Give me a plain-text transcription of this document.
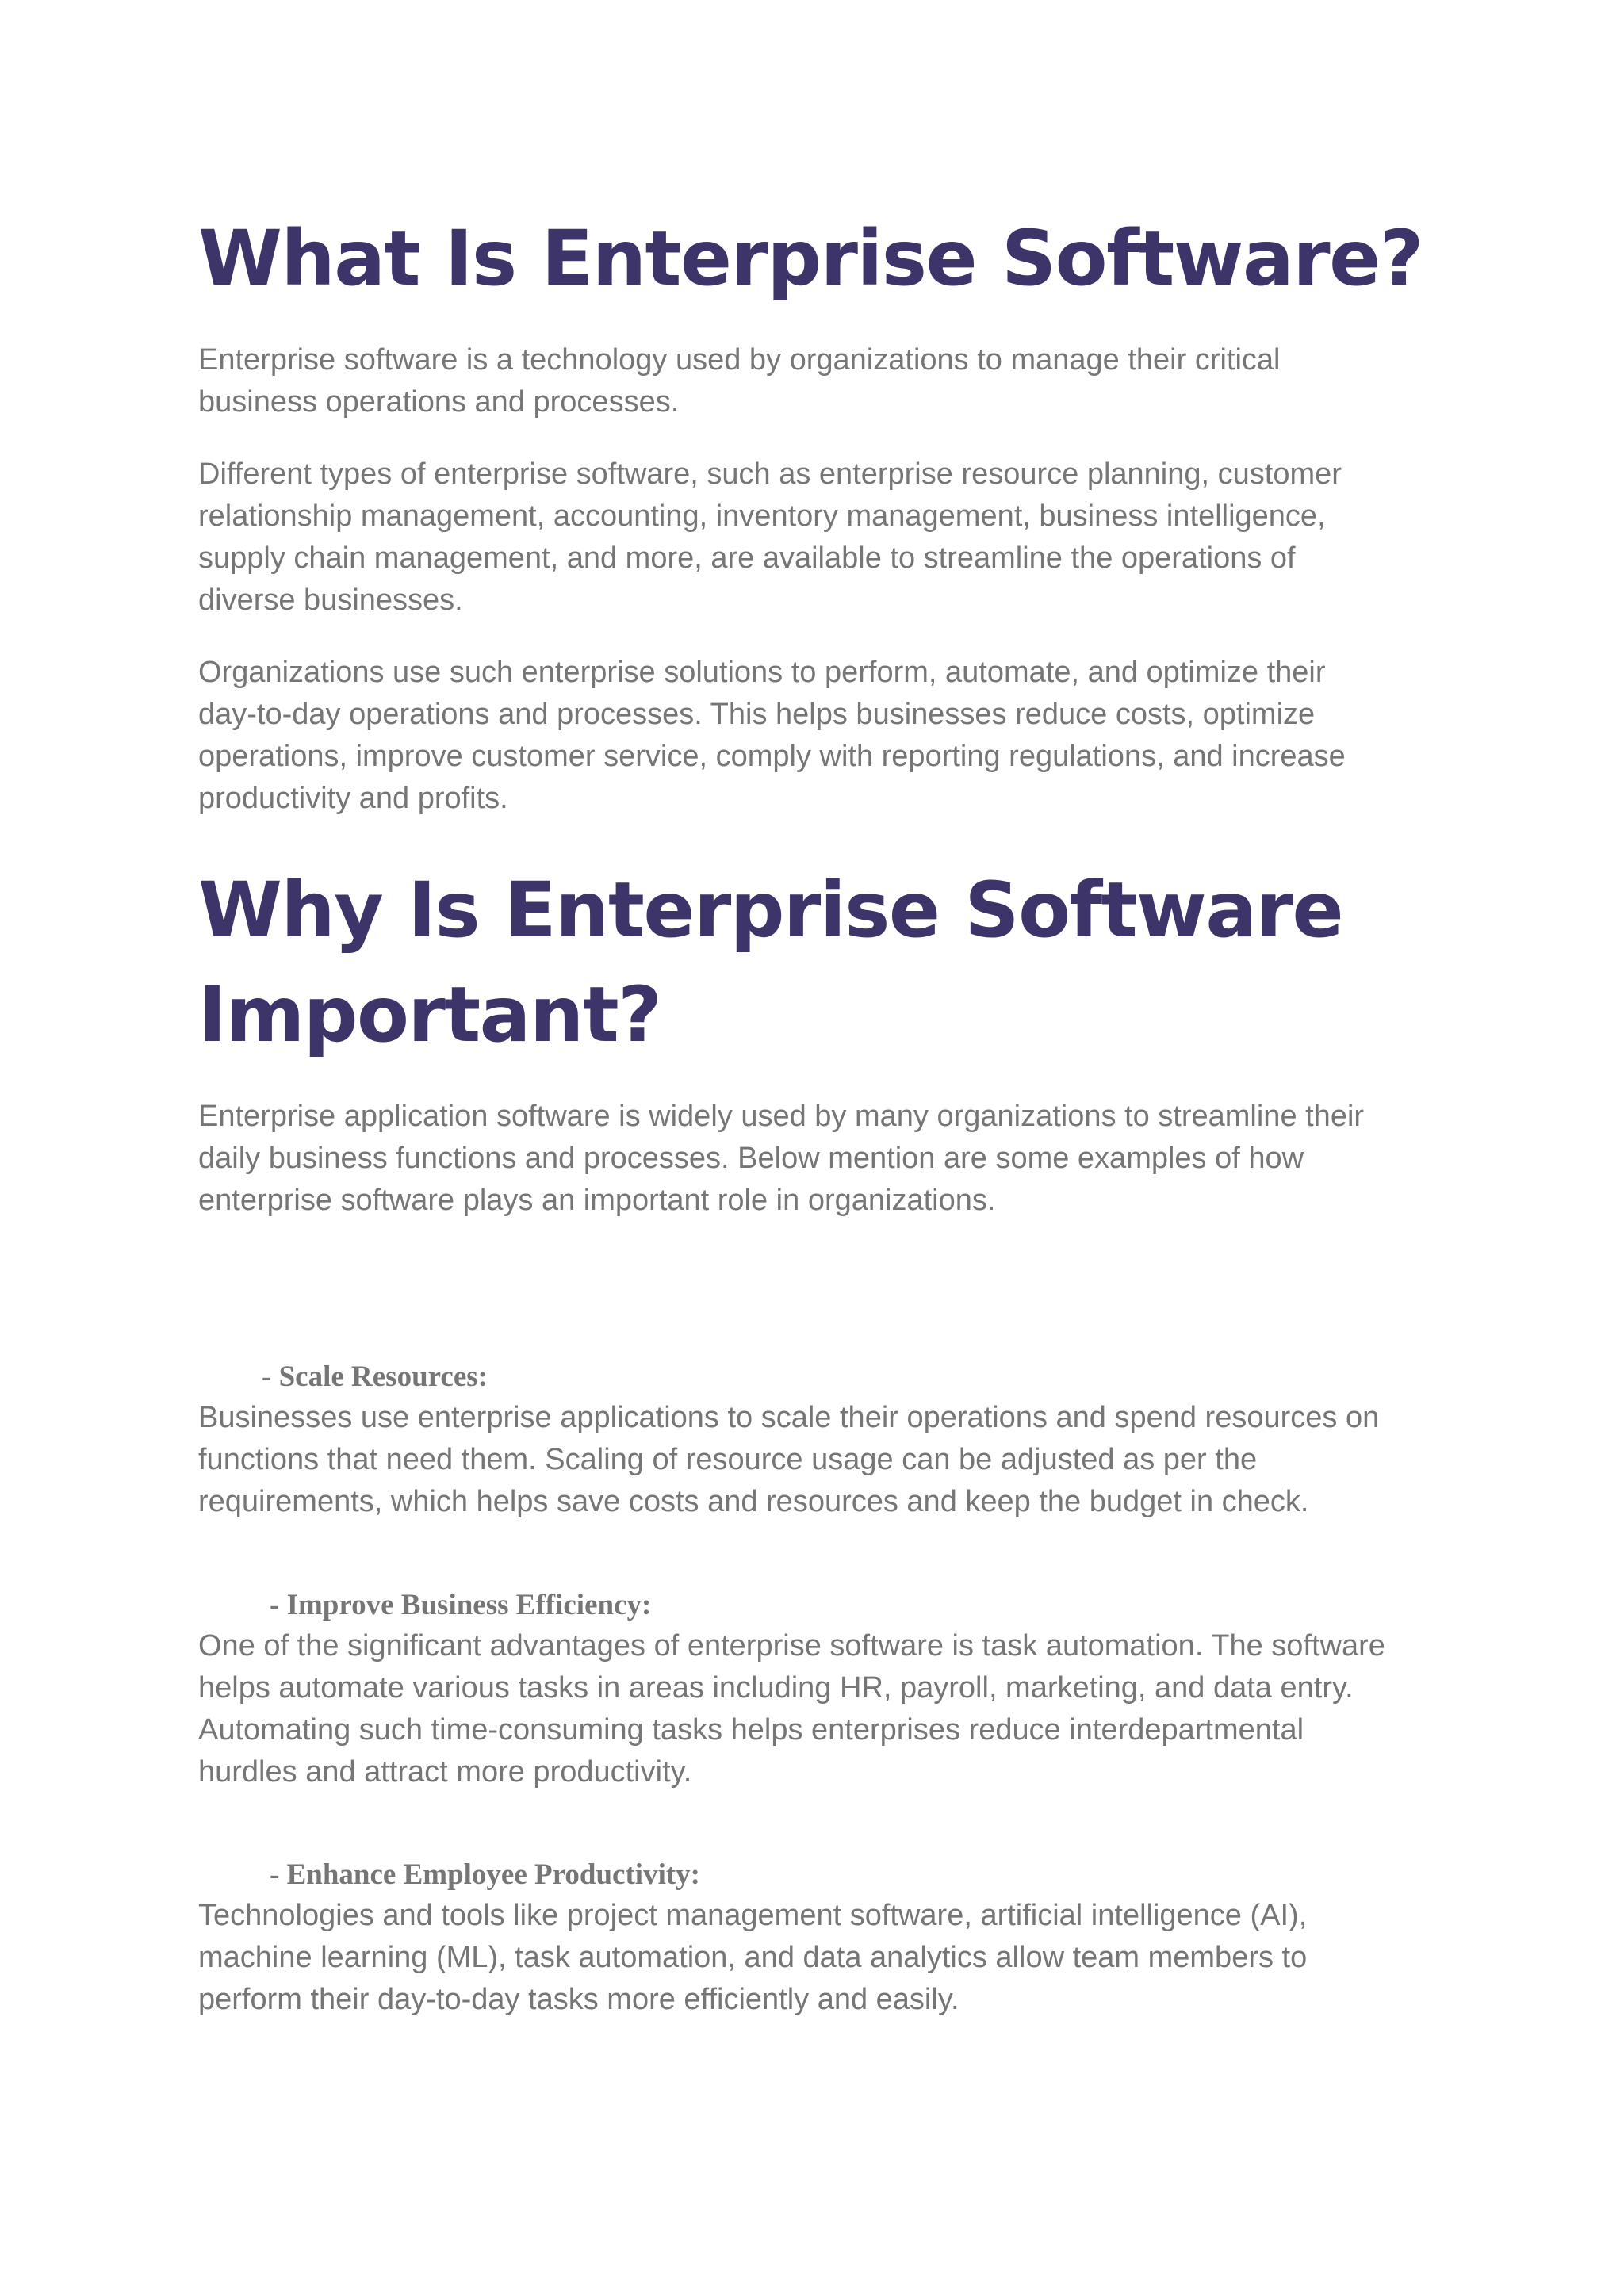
What Is Enterprise Software?

Enterprise software is a technology used by organizations to manage their critical
business operations and processes.

Different types of enterprise software, such as enterprise resource planning, customer
relationship management, accounting, inventory management, business intelligence,
supply chain management, and more, are available to streamline the operations of
diverse businesses.

Organizations use such enterprise solutions to perform, automate, and optimize their
day-to-day operations and processes. This helps businesses reduce costs, optimize
operations, improve customer service, comply with reporting regulations, and increase
productivity and profits.

Why Is Enterprise Software
Important?

Enterprise application software is widely used by many organizations to streamline their
daily business functions and processes. Below mention are some examples of how
enterprise software plays an important role in organizations.

- Scale Resources:

Businesses use enterprise applications to scale their operations and spend resources on
functions that need them. Scaling of resource usage can be adjusted as per the
requirements, which helps save costs and resources and keep the budget in check.

- Improve Business Efficiency:

One of the significant advantages of enterprise software is task automation. The software
helps automate various tasks in areas including HR, payroll, marketing, and data entry.
Automating such time-consuming tasks helps enterprises reduce interdepartmental
hurdles and attract more productivity.

- Enhance Employee Productivity:

Technologies and tools like project management software, artificial intelligence (AI),
machine learning (ML), task automation, and data analytics allow team members to
perform their day-to-day tasks more efficiently and easily.
